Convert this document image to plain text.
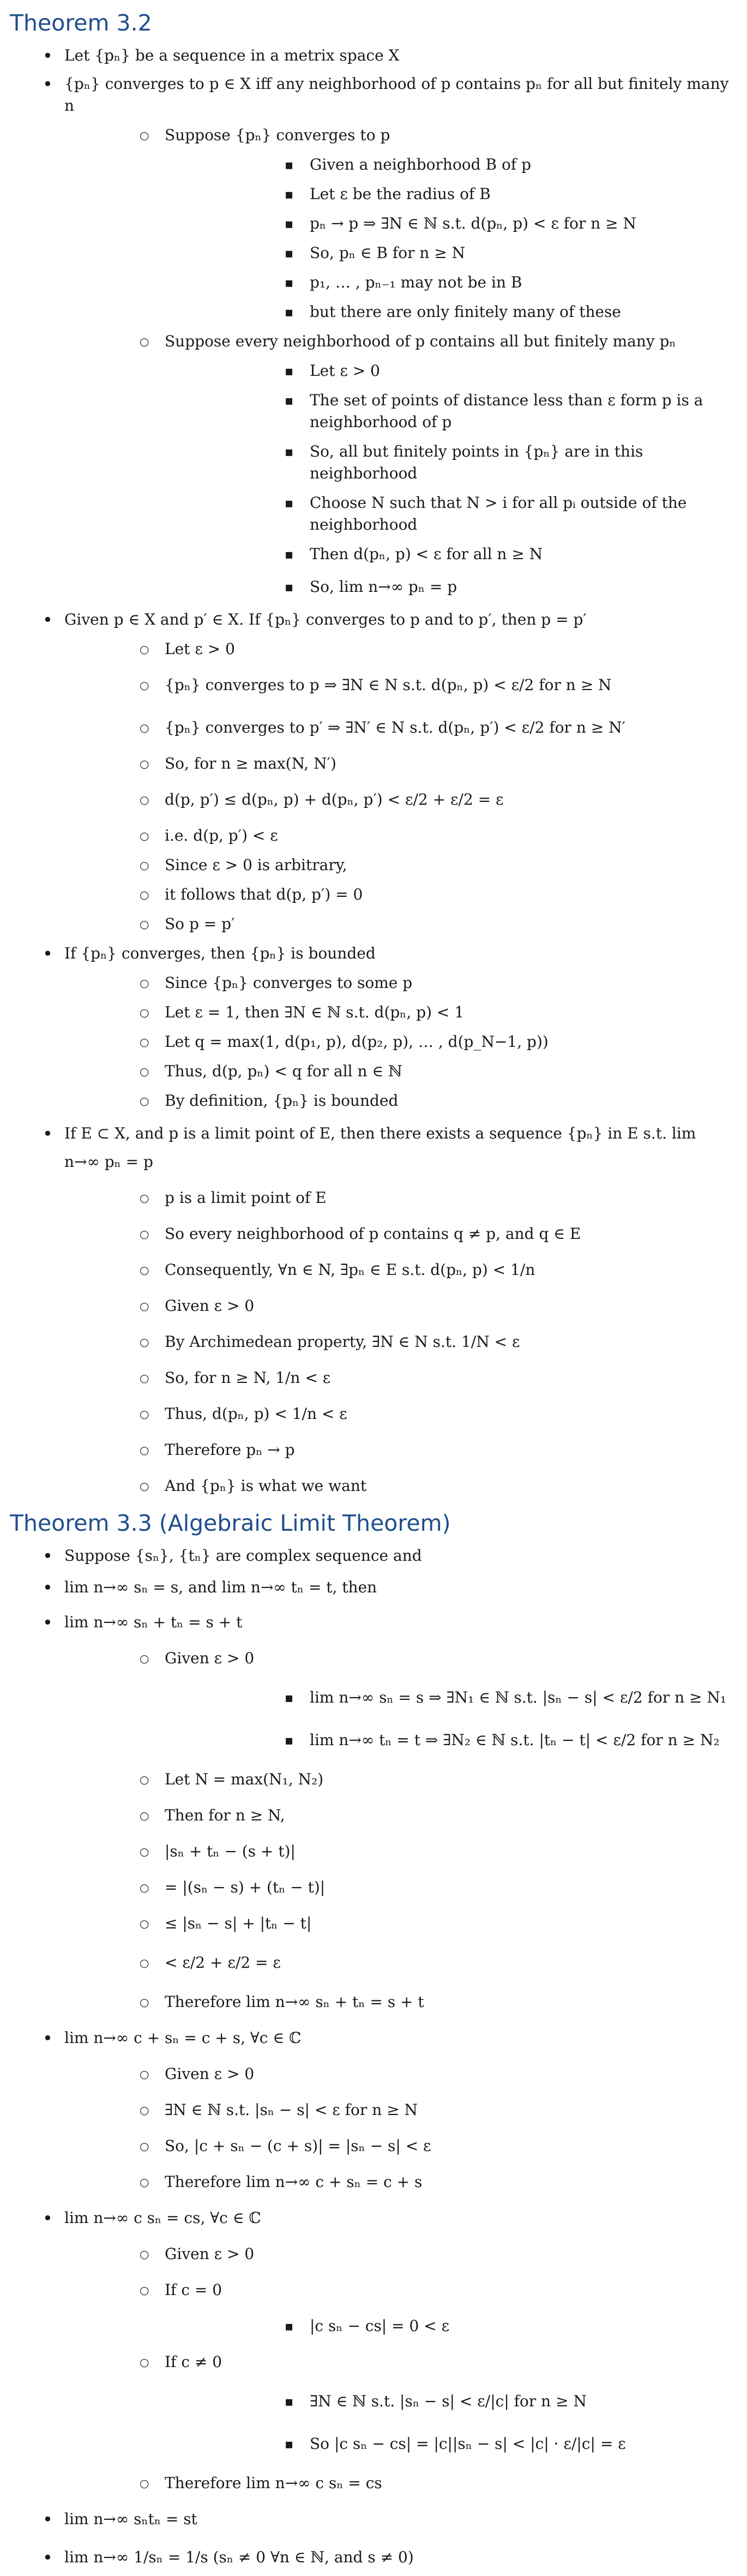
Theorem 3.2
• Let {pₙ} be a sequence in a metrix space X
• {pₙ} converges to p ∈ X iff any neighborhood of p contains pₙ for all but finitely many n
○ Suppose {pₙ} converges to p
▪ Given a neighborhood B of p
▪ Let ε be the radius of B
▪ pₙ → p ⇒ ∃N ∈ ℕ s.t. d(pₙ, p) < ε for n ≥ N
▪ So, pₙ ∈ B for n ≥ N
▪ p₁, … , pₙ₋₁ may not be in B
▪ but there are only finitely many of these
○ Suppose every neighborhood of p contains all but finitely many pₙ
▪ Let ε > 0
▪ The set of points of distance less than ε form p is a neighborhood of p
▪ So, all but finitely points in {pₙ} are in this neighborhood
▪ Choose N such that N > i for all pᵢ outside of the neighborhood
▪ Then d(pₙ, p) < ε for all n ≥ N
▪ So, lim n→∞ pₙ = p
• Given p ∈ X and p′ ∈ X. If {pₙ} converges to p and to p′, then p = p′
○ Let ε > 0
○ {pₙ} converges to p ⇒ ∃N ∈ N s.t. d(pₙ, p) < ε/2 for n ≥ N
○ {pₙ} converges to p′ ⇒ ∃N′ ∈ N s.t. d(pₙ, p′) < ε/2 for n ≥ N′
○ So, for n ≥ max(N, N′)
○ d(p, p′) ≤ d(pₙ, p) + d(pₙ, p′) < ε/2 + ε/2 = ε
○ i.e. d(p, p′) < ε
○ Since ε > 0 is arbitrary,
○ it follows that d(p, p′) = 0
○ So p = p′
• If {pₙ} converges, then {pₙ} is bounded
○ Since {pₙ} converges to some p
○ Let ε = 1, then ∃N ∈ ℕ s.t. d(pₙ, p) < 1
○ Let q = max(1, d(p₁, p), d(p₂, p), … , d(p_N−1, p))
○ Thus, d(p, pₙ) < q for all n ∈ ℕ
○ By definition, {pₙ} is bounded
• If E ⊂ X, and p is a limit point of E, then there exists a sequence {pₙ} in E s.t. lim n→∞ pₙ = p
○ p is a limit point of E
○ So every neighborhood of p contains q ≠ p, and q ∈ E
○ Consequently, ∀n ∈ N, ∃pₙ ∈ E s.t. d(pₙ, p) < 1/n
○ Given ε > 0
○ By Archimedean property, ∃N ∈ N s.t. 1/N < ε
○ So, for n ≥ N, 1/n < ε
○ Thus, d(pₙ, p) < 1/n < ε
○ Therefore pₙ → p
○ And {pₙ} is what we want
Theorem 3.3 (Algebraic Limit Theorem)
• Suppose {sₙ}, {tₙ} are complex sequence and
• lim n→∞ sₙ = s, and lim n→∞ tₙ = t, then
• lim n→∞ sₙ + tₙ = s + t
○ Given ε > 0
▪ lim n→∞ sₙ = s ⇒ ∃N₁ ∈ ℕ s.t. |sₙ − s| < ε/2 for n ≥ N₁
▪ lim n→∞ tₙ = t ⇒ ∃N₂ ∈ ℕ s.t. |tₙ − t| < ε/2 for n ≥ N₂
○ Let N = max(N₁, N₂)
○ Then for n ≥ N,
○ |sₙ + tₙ − (s + t)|
○ = |(sₙ − s) + (tₙ − t)|
○ ≤ |sₙ − s| + |tₙ − t|
○ < ε/2 + ε/2 = ε
○ Therefore lim n→∞ sₙ + tₙ = s + t
• lim n→∞ c + sₙ = c + s, ∀c ∈ ℂ
○ Given ε > 0
○ ∃N ∈ ℕ s.t. |sₙ − s| < ε for n ≥ N
○ So, |c + sₙ − (c + s)| = |sₙ − s| < ε
○ Therefore lim n→∞ c + sₙ = c + s
• lim n→∞ c sₙ = cs, ∀c ∈ ℂ
○ Given ε > 0
○ If c = 0
▪ |c sₙ − cs| = 0 < ε
○ If c ≠ 0
▪ ∃N ∈ ℕ s.t. |sₙ − s| < ε/|c| for n ≥ N
▪ So |c sₙ − cs| = |c||sₙ − s| < |c| · ε/|c| = ε
○ Therefore lim n→∞ c sₙ = cs
• lim n→∞ sₙtₙ = st
• lim n→∞ 1/sₙ = 1/s (sₙ ≠ 0 ∀n ∈ ℕ, and s ≠ 0)
